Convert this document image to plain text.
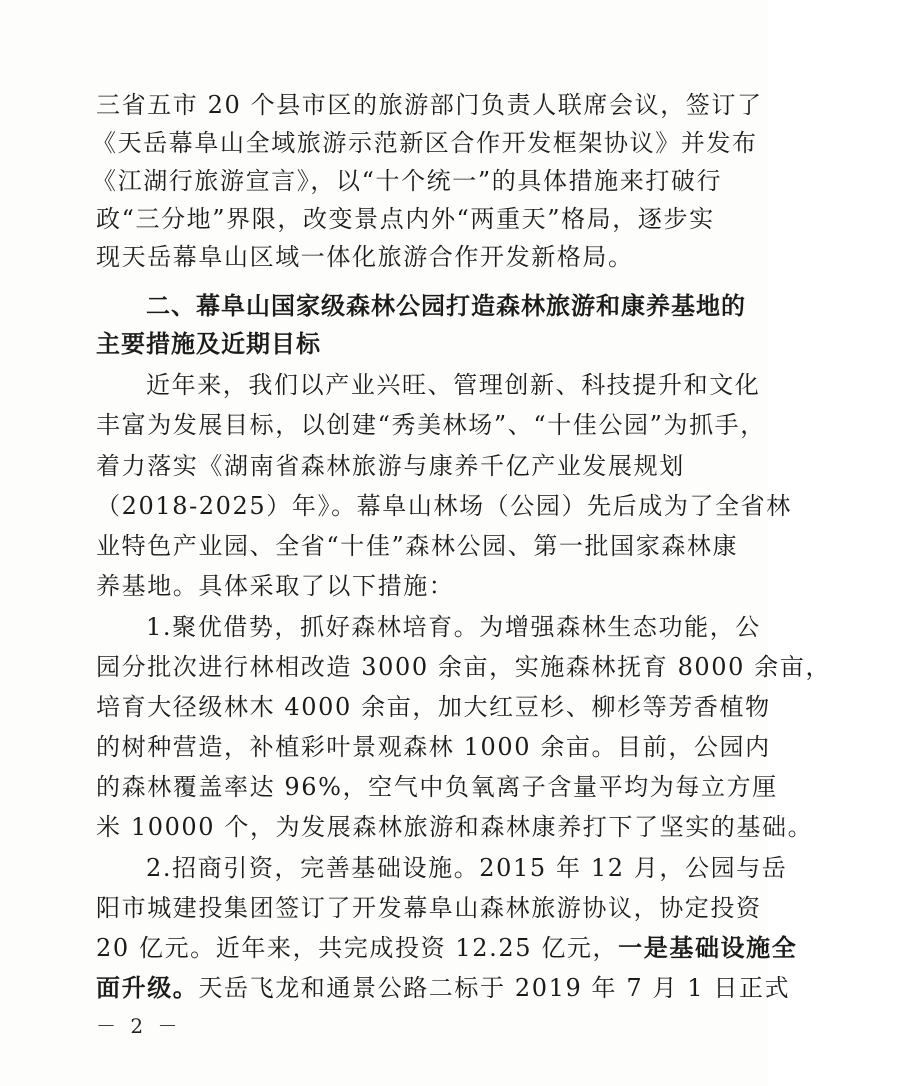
三省五市 20 个县市区的旅游部门负责人联席会议，签订了
《天岳幕阜山全域旅游示范新区合作开发框架协议》并发布
《江湖行旅游宣言》，以“十个统一”的具体措施来打破行
政“三分地”界限，改变景点内外“两重天”格局，逐步实
现天岳幕阜山区域一体化旅游合作开发新格局。
二、幕阜山国家级森林公园打造森林旅游和康养基地的
主要措施及近期目标
近年来，我们以产业兴旺、管理创新、科技提升和文化
丰富为发展目标，以创建“秀美林场”、“十佳公园”为抓手，
着力落实《湖南省森林旅游与康养千亿产业发展规划
（2018-2025）年》。幕阜山林场（公园）先后成为了全省林
业特色产业园、全省“十佳”森林公园、第一批国家森林康
养基地。具体采取了以下措施：
1.聚优借势，抓好森林培育。为增强森林生态功能，公
园分批次进行林相改造 3000 余亩，实施森林抚育 8000 余亩，
培育大径级林木 4000 余亩，加大红豆杉、柳杉等芳香植物
的树种营造，补植彩叶景观森林 1000 余亩。目前，公园内
的森林覆盖率达 96%，空气中负氧离子含量平均为每立方厘
米 10000 个，为发展森林旅游和森林康养打下了坚实的基础。
2.招商引资，完善基础设施。2015 年 12 月，公园与岳
阳市城建投集团签订了开发幕阜山森林旅游协议，协定投资
20 亿元。近年来，共完成投资 12.25 亿元，一是基础设施全
面升级。天岳飞龙和通景公路二标于 2019 年 7 月 1 日正式
－ 2 －
